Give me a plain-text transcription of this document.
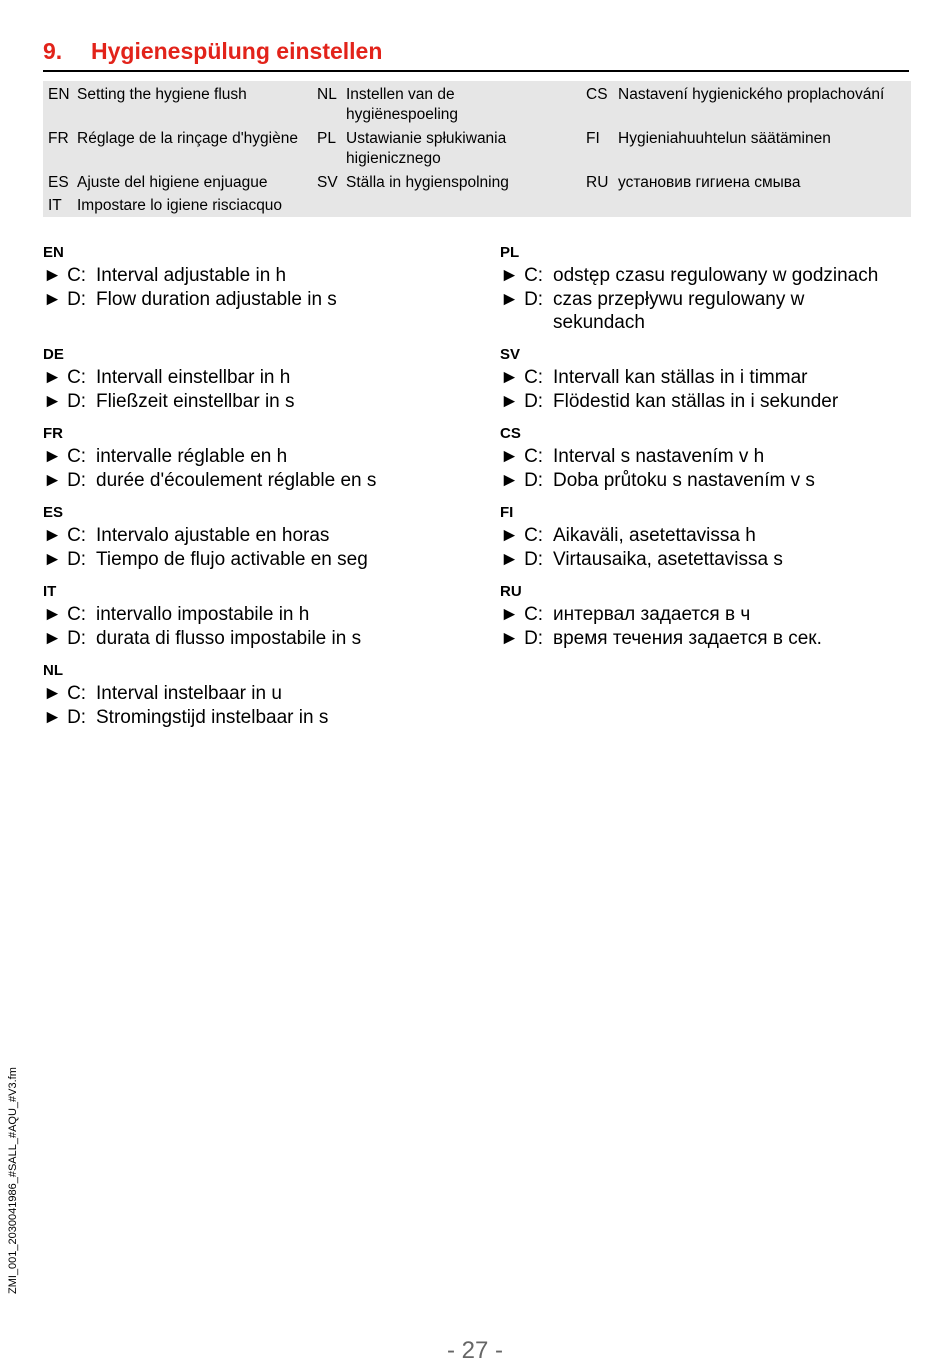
9.	Hygienespülung einstellen
EN Setting the hygiene flush
FR Réglage de la rinçage d'hygiène
ES Ajuste del higiene enjuague
IT Impostare lo igiene risciacquo
NL Instellen van de hygiënespoeling
PL Ustawianie spłukiwania higienicznego
SV Ställa in hygienspolning
CS Nastavení hygienického proplachování
FI	Hygieniahuuhtelun säätäminen
RU установив гигиена смыва
EN
► C: Interval adjustable in h
► D: Flow duration adjustable in s
DE
► C: Intervall einstellbar in h
► D: Fließzeit einstellbar in s
FR
► C: intervalle réglable en h
► D: durée d'écoulement réglable en s
ES
► C: Intervalo ajustable en horas
► D: Tiempo de flujo activable en seg
IT
► C: intervallo impostabile in h
► D: durata di flusso impostabile in s
NL
► C: Interval instelbaar in u
► D: Stromingstijd instelbaar in s
PL
► C: odstęp czasu regulowany w godzinach
► D: czas przepływu regulowany w sekundach
SV
► C: Intervall kan ställas in i timmar
► D: Flödestid kan ställas in i sekunder
CS
► C: Interval s nastavením v h
► D: Doba průtoku s nastavením v s
FI
► C: Aikaväli, asetettavissa h
► D: Virtausaika, asetettavissa s
RU
► C: интервал задается в ч
► D: время течения задается в сек.
ZMI_001_2030041986_#SALL_#AQU_#V3.fm
- 27 -
